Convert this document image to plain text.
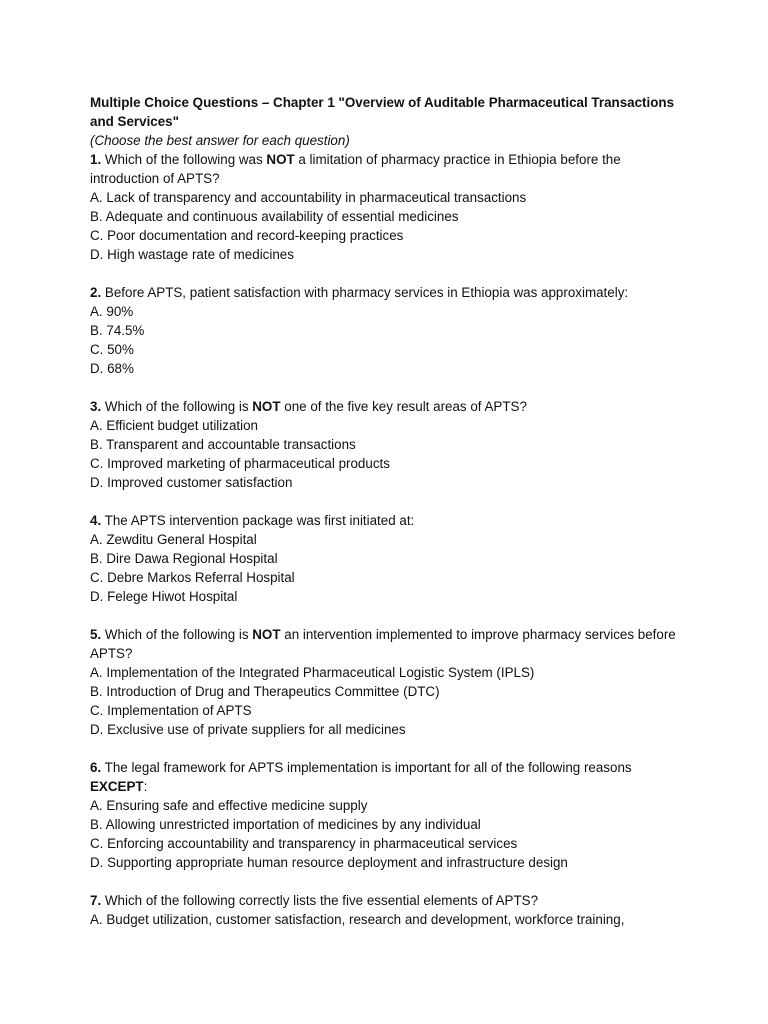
Multiple Choice Questions – Chapter 1 "Overview of Auditable Pharmaceutical Transactions and Services"

(Choose the best answer for each question)

1. Which of the following was NOT a limitation of pharmacy practice in Ethiopia before the introduction of APTS?

A. Lack of transparency and accountability in pharmaceutical transactions
B. Adequate and continuous availability of essential medicines
C. Poor documentation and record-keeping practices
D. High wastage rate of medicines

2. Before APTS, patient satisfaction with pharmacy services in Ethiopia was approximately:

A. 90%
B. 74.5%
C. 50%
D. 68%

3. Which of the following is NOT one of the five key result areas of APTS?

A. Efficient budget utilization
B. Transparent and accountable transactions
C. Improved marketing of pharmaceutical products
D. Improved customer satisfaction

4. The APTS intervention package was first initiated at:

A. Zewditu General Hospital
B. Dire Dawa Regional Hospital
C. Debre Markos Referral Hospital
D. Felege Hiwot Hospital

5. Which of the following is NOT an intervention implemented to improve pharmacy services before APTS?

A. Implementation of the Integrated Pharmaceutical Logistic System (IPLS)
B. Introduction of Drug and Therapeutics Committee (DTC)
C. Implementation of APTS
D. Exclusive use of private suppliers for all medicines

6. The legal framework for APTS implementation is important for all of the following reasons EXCEPT:

A. Ensuring safe and effective medicine supply
B. Allowing unrestricted importation of medicines by any individual
C. Enforcing accountability and transparency in pharmaceutical services
D. Supporting appropriate human resource deployment and infrastructure design

7. Which of the following correctly lists the five essential elements of APTS?

A. Budget utilization, customer satisfaction, research and development, workforce training,
